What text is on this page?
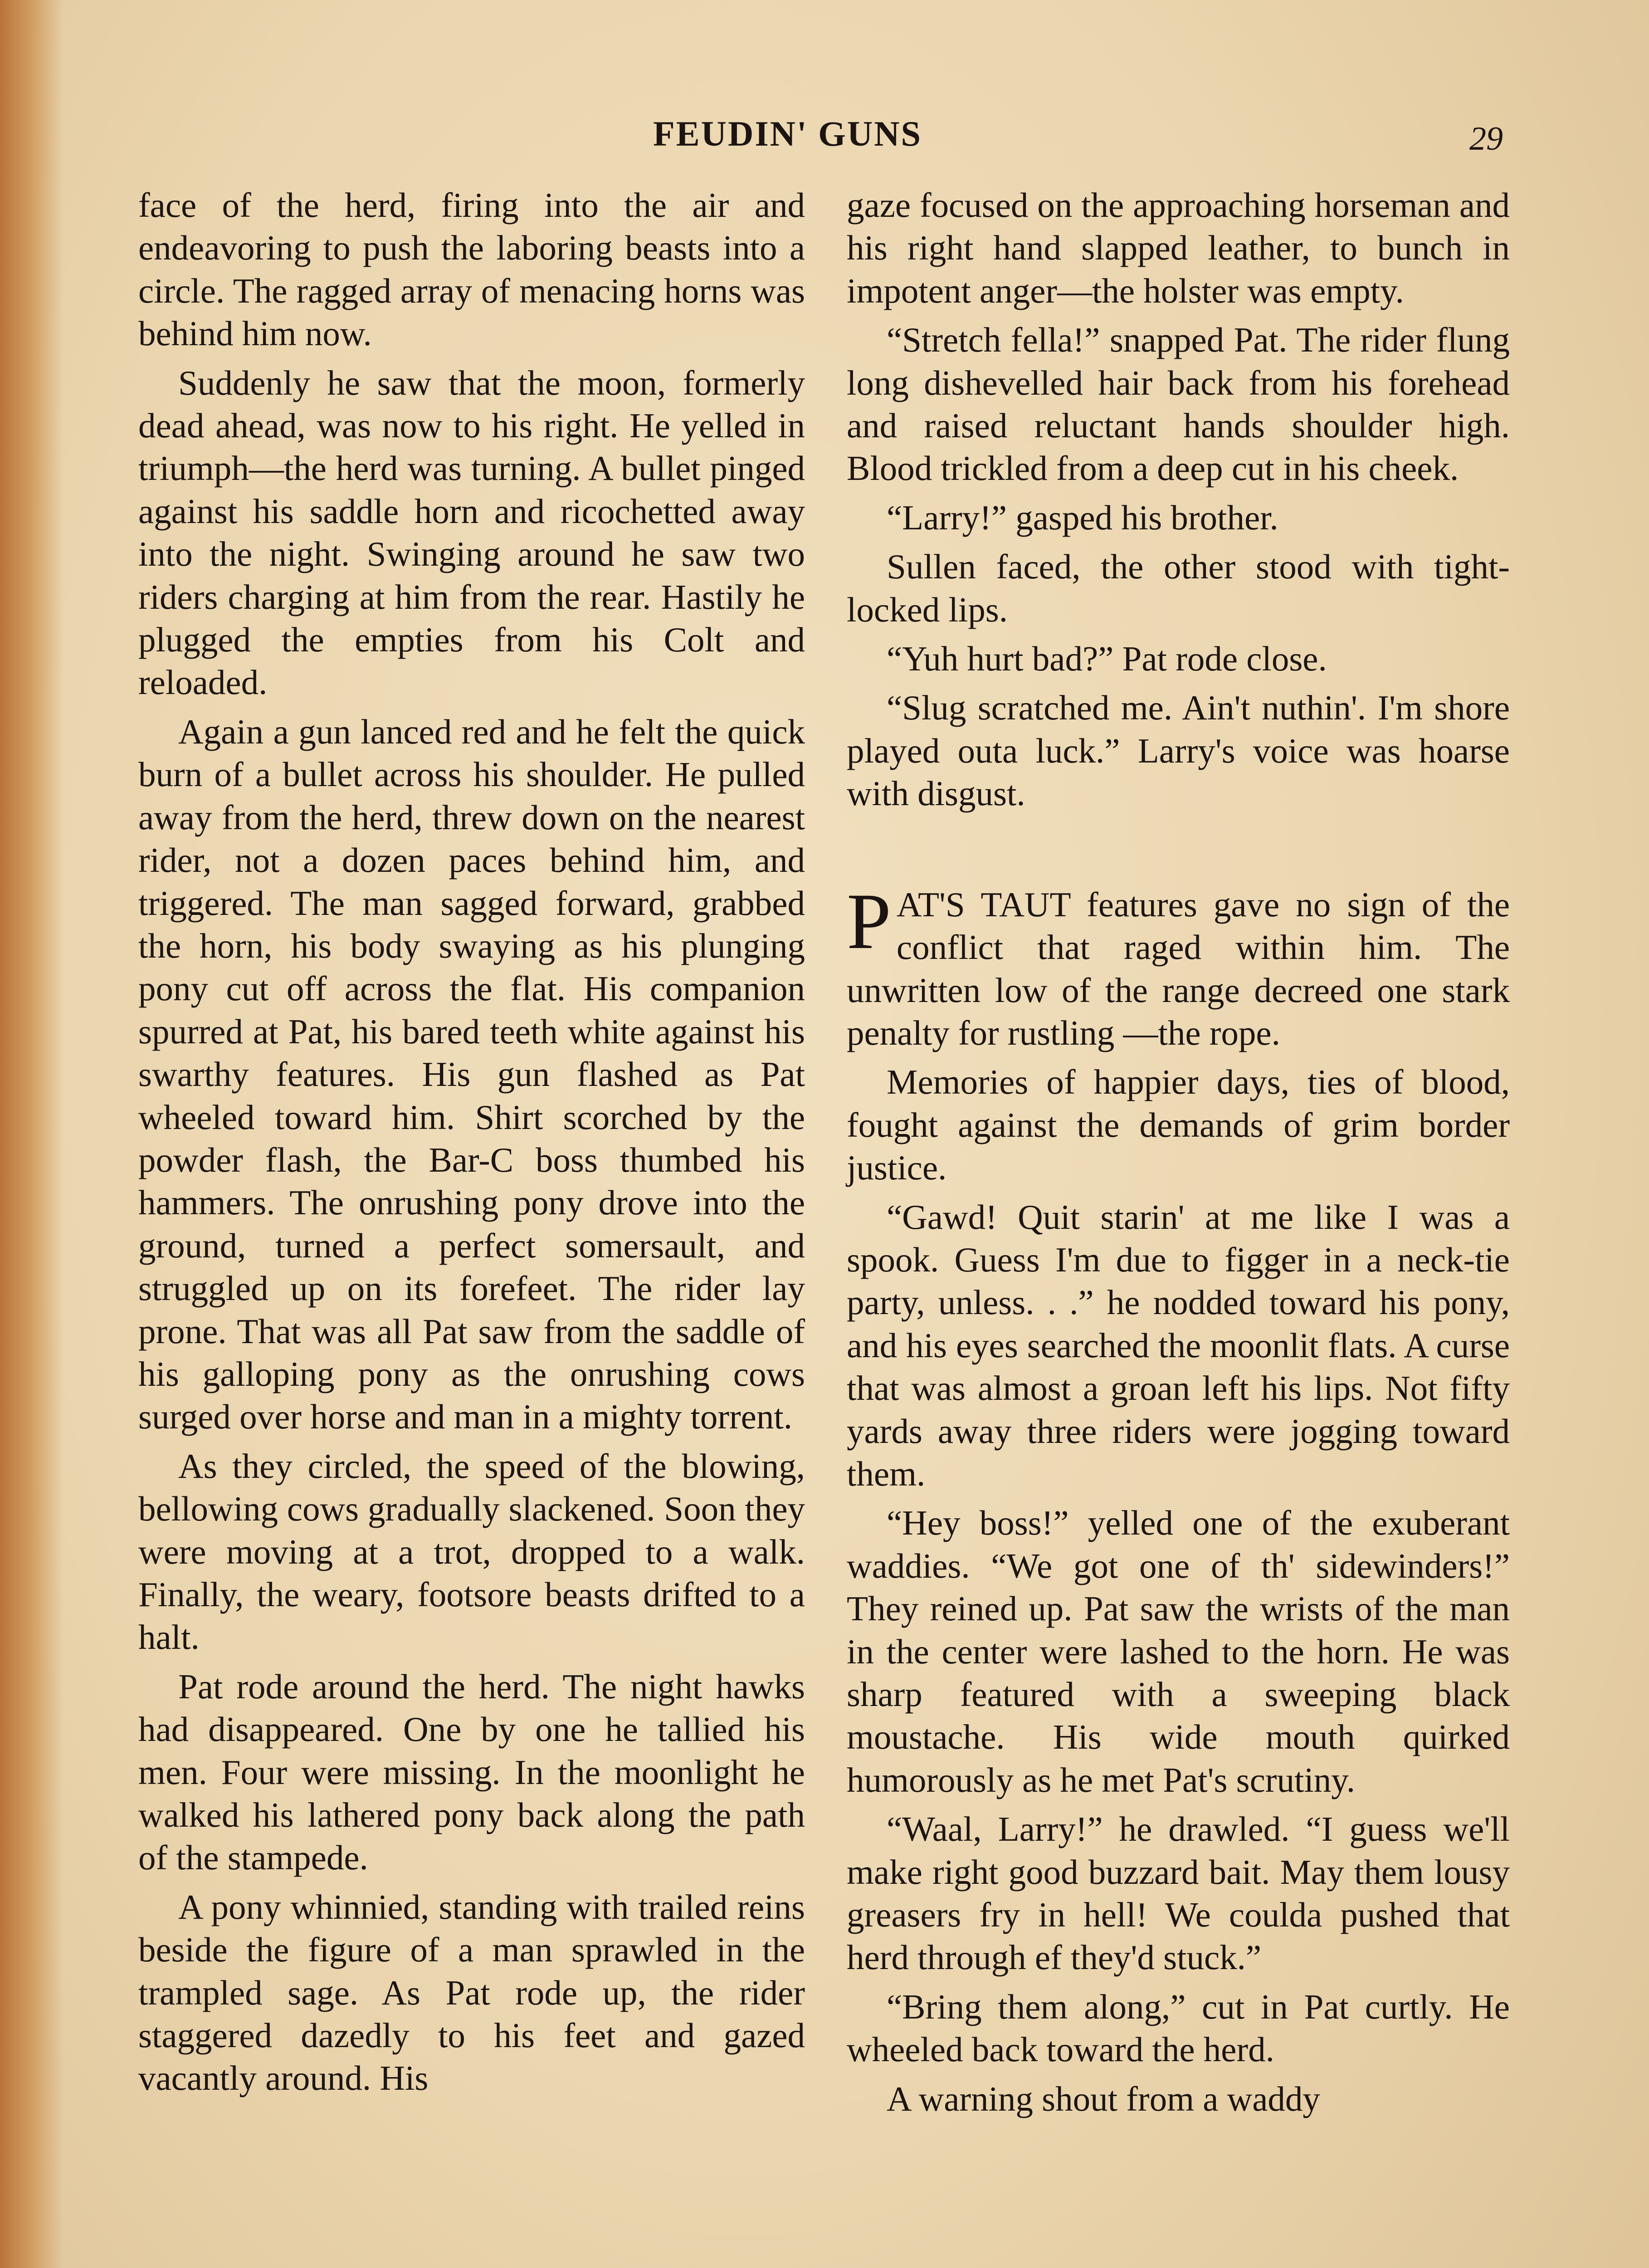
FEUDIN' GUNS	29

face of the herd, firing into the air and endeavoring to push the laboring beasts into a circle. The ragged array of menacing horns was behind him now.

Suddenly he saw that the moon, formerly dead ahead, was now to his right. He yelled in triumph—the herd was turning. A bullet pinged against his saddle horn and ricochetted away into the night. Swinging around he saw two riders charging at him from the rear. Hastily he plugged the empties from his Colt and reloaded.

Again a gun lanced red and he felt the quick burn of a bullet across his shoulder. He pulled away from the herd, threw down on the nearest rider, not a dozen paces behind him, and triggered. The man sagged forward, grabbed the horn, his body swaying as his plunging pony cut off across the flat. His companion spurred at Pat, his bared teeth white against his swarthy features. His gun flashed as Pat wheeled toward him. Shirt scorched by the powder flash, the Bar-C boss thumbed his hammers. The onrushing pony drove into the ground, turned a perfect somersault, and struggled up on its forefeet. The rider lay prone. That was all Pat saw from the saddle of his galloping pony as the onrushing cows surged over horse and man in a mighty torrent.

As they circled, the speed of the blowing, bellowing cows gradually slackened. Soon they were moving at a trot, dropped to a walk. Finally, the weary, footsore beasts drifted to a halt.

Pat rode around the herd. The night hawks had disappeared. One by one he tallied his men. Four were missing. In the moonlight he walked his lathered pony back along the path of the stampede.

A pony whinnied, standing with trailed reins beside the figure of a man sprawled in the trampled sage. As Pat rode up, the rider staggered dazedly to his feet and gazed vacantly around. His

gaze focused on the approaching horseman and his right hand slapped leather, to bunch in impotent anger—the holster was empty.

“Stretch fella!” snapped Pat. The rider flung long dishevelled hair back from his forehead and raised reluctant hands shoulder high. Blood trickled from a deep cut in his cheek.

“Larry!” gasped his brother.

Sullen faced, the other stood with tight-locked lips.

“Yuh hurt bad?” Pat rode close.

“Slug scratched me. Ain't nuthin'. I'm shore played outa luck.” Larry's voice was hoarse with disgust.

PAT'S TAUT features gave no sign of the conflict that raged within him. The unwritten low of the range decreed one stark penalty for rustling —the rope.

Memories of happier days, ties of blood, fought against the demands of grim border justice.

“Gawd! Quit starin' at me like I was a spook. Guess I'm due to figger in a neck-tie party, unless. . .” he nodded toward his pony, and his eyes searched the moonlit flats. A curse that was almost a groan left his lips. Not fifty yards away three riders were jogging toward them.

“Hey boss!” yelled one of the exuberant waddies. “We got one of th' sidewinders!” They reined up. Pat saw the wrists of the man in the center were lashed to the horn. He was sharp featured with a sweeping black moustache. His wide mouth quirked humorously as he met Pat's scrutiny.

“Waal, Larry!” he drawled. “I guess we'll make right good buzzard bait. May them lousy greasers fry in hell! We coulda pushed that herd through ef they'd stuck.”

“Bring them along,” cut in Pat curtly. He wheeled back toward the herd.

A warning shout from a waddy
